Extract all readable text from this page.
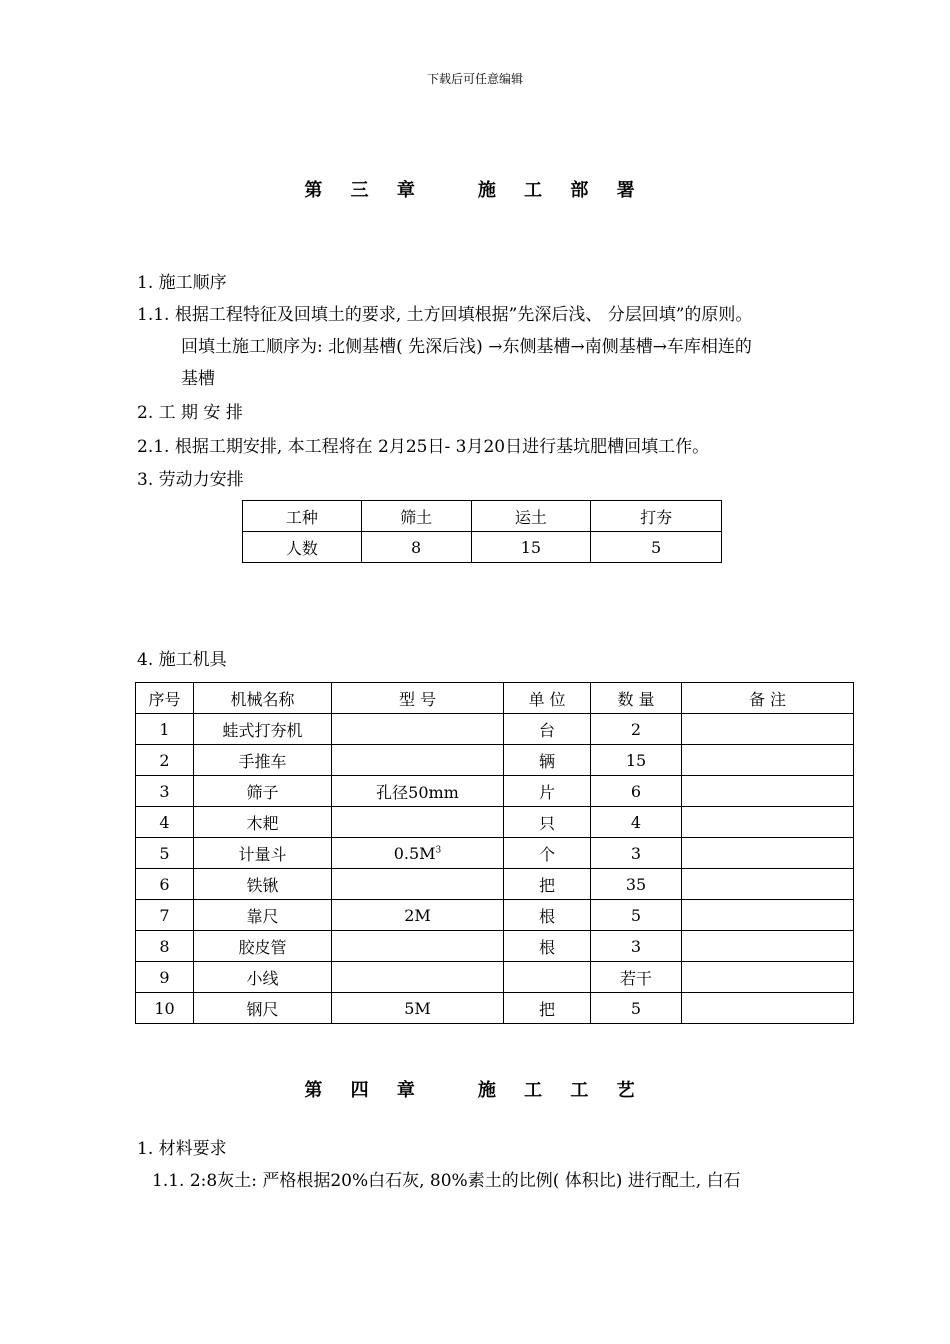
下载后可任意编辑
第 三 章	施 工 部 署
1. 施工顺序
1.1. 根据工程特征及回填土的要求, 土方回填根据”先深后浅、 分层回填”的原则。
回填土施工顺序为: 北侧基槽( 先深后浅) →东侧基槽→南侧基槽→车库相连的
基槽
2. 工 期 安 排
2.1. 根据工期安排, 本工程将在 2月25日- 3月20日进行基坑肥槽回填工作。
3. 劳动力安排
工种	筛土	运土	打夯
人数	8	15	5
4. 施工机具
序号	机械名称	型 号	单 位	数 量	备 注
1	蛙式打夯机		台	2	
2	手推车		辆	15	
3	筛子	孔径50mm	片	6	
4	木耙		只	4	
5	计量斗	$0.5M^3$	个	3	
6	铁锹		把	35	
7	靠尺	2M	根	5	
8	胶皮管		根	3	
9	小线			若干	
10	钢尺	5M	把	5	
第 四 章	施 工 工 艺
1. 材料要求
1.1. 2:8灰土: 严格根据20%白石灰, 80%素土的比例( 体积比) 进行配土, 白石
